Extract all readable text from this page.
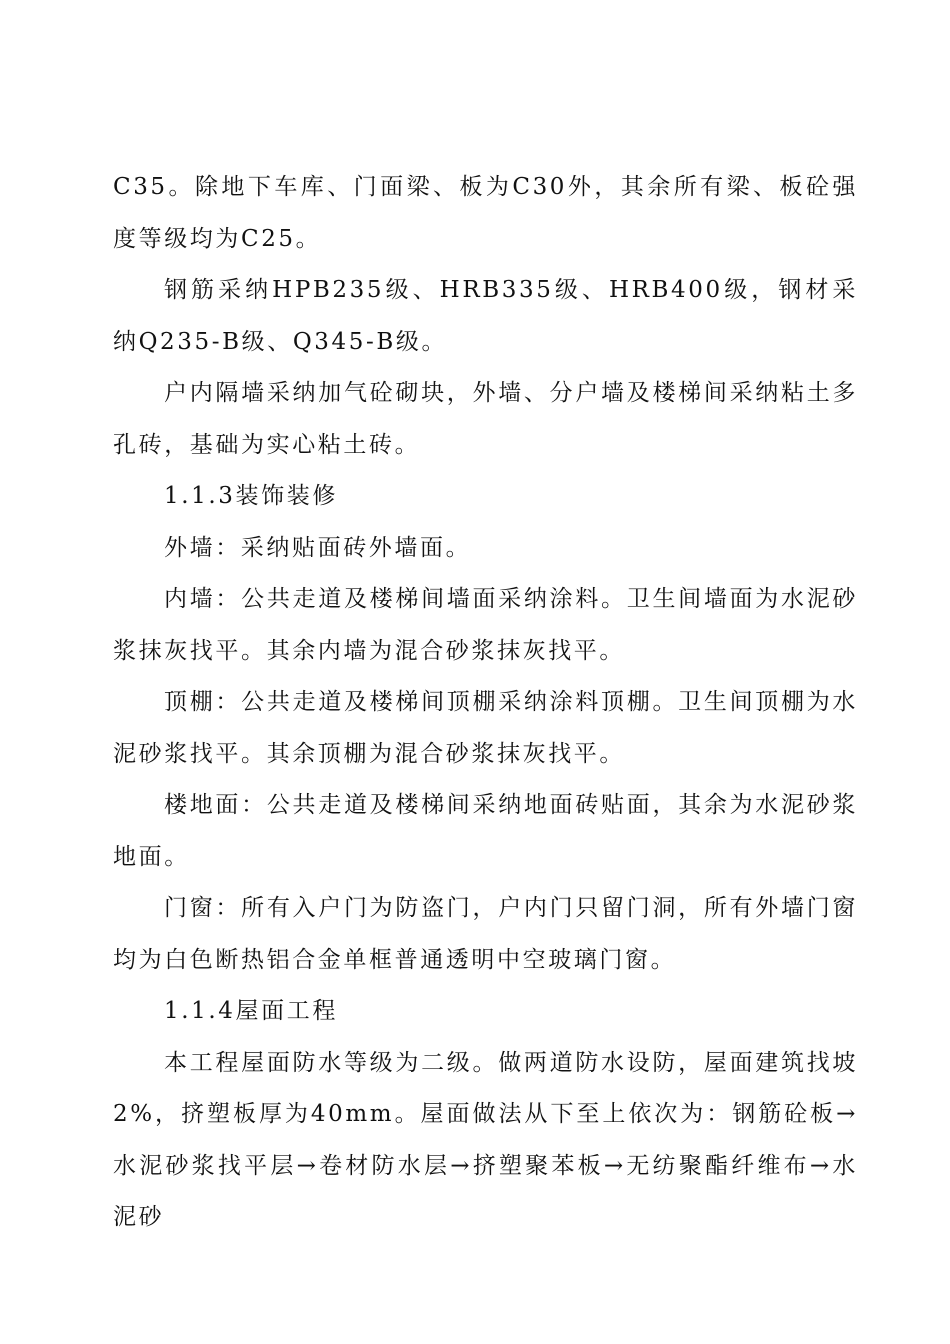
C35。除地下车库、门面梁、板为C30外，其余所有梁、板砼强度等级均为C25。

钢筋采纳HPB235级、HRB335级、HRB400级，钢材采纳Q235-B级、Q345-B级。

户内隔墙采纳加气砼砌块，外墙、分户墙及楼梯间采纳粘土多孔砖，基础为实心粘土砖。

1.1.3装饰装修

外墙：采纳贴面砖外墙面。

内墙：公共走道及楼梯间墙面采纳涂料。卫生间墙面为水泥砂浆抹灰找平。其余内墙为混合砂浆抹灰找平。

顶棚：公共走道及楼梯间顶棚采纳涂料顶棚。卫生间顶棚为水泥砂浆找平。其余顶棚为混合砂浆抹灰找平。

楼地面：公共走道及楼梯间采纳地面砖贴面，其余为水泥砂浆地面。

门窗：所有入户门为防盗门，户内门只留门洞，所有外墙门窗均为白色断热铝合金单框普通透明中空玻璃门窗。

1.1.4屋面工程

本工程屋面防水等级为二级。做两道防水设防，屋面建筑找坡2%，挤塑板厚为40mm。屋面做法从下至上依次为：钢筋砼板→水泥砂浆找平层→卷材防水层→挤塑聚苯板→无纺聚酯纤维布→水泥砂
